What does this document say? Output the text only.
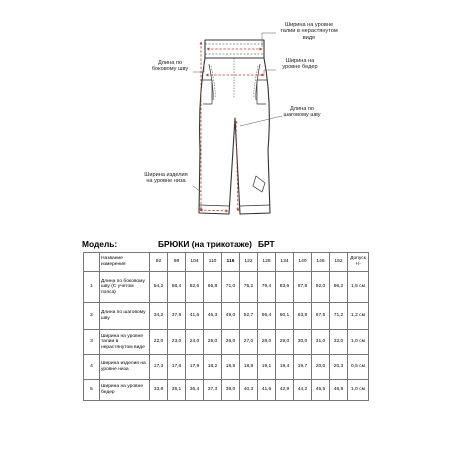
Ширина на уровне талии в нерастянутом виде
Длина по боковому шву
Ширина на уровне бедер
Длина по шаговому шву
Ширина изделия на уровне низа
Модель:	БРЮКИ (на трикотаже) БРТ
	Название измерения	92	98	104	110	116	122	128	134	140	146	152	Допуск +/-
1	Длина по боковому шву (С учетом пояса)	54,2	58,4	62,6	66,8	71,0	75,2	79,4	83,6	87,8	92,0	96,2	1,5 см
2	Длина по шаговому шву	34,2	37,9	41,6	45,3	49,0	52,7	56,4	60,1	63,8	67,5	71,2	1,2 см
3	Ширина на уровне талии в нерастянутом виде	22,0	23,0	24,0	25,0	26,0	27,0	28,0	29,0	30,0	31,0	32,0	1,0 см
4	Ширина изделия на уровне низа	17,3	17,6	17,9	18,2	18,5	18,8	19,1	19,4	19,7	20,0	20,3	0,5 см
5	Ширина на уровне бедер	33,8	35,1	36,4	37,3	39,0	40,3	41,6	42,9	44,2	45,5	46,8	1,0 см
